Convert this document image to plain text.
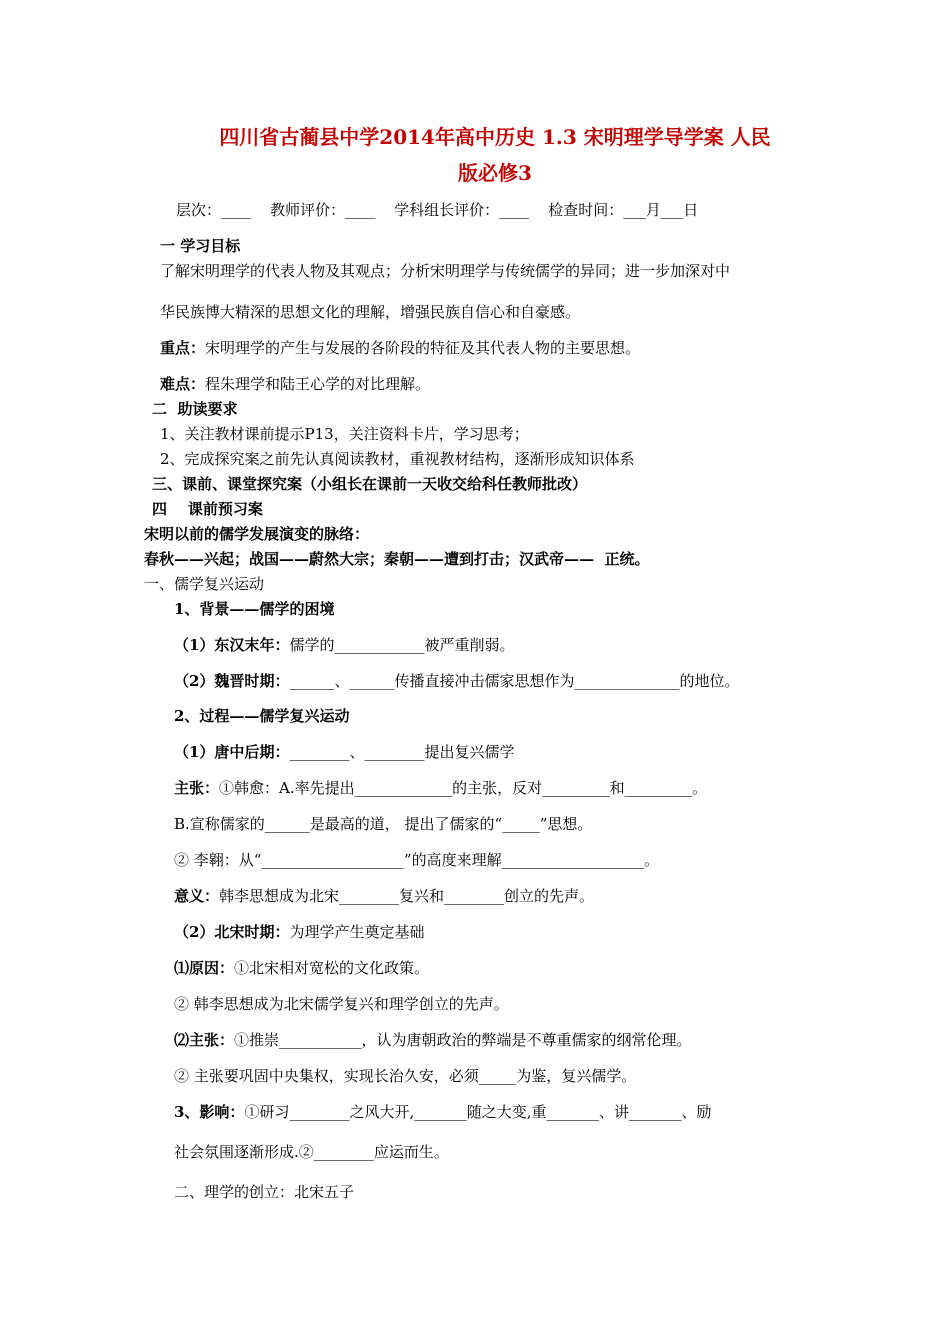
四川省古蔺县中学2014年高中历史 1.3 宋明理学导学案 人民
版必修3
层次：____    教师评价：____    学科组长评价：____    检查时间：___月___日
一 学习目标
了解宋明理学的代表人物及其观点；分析宋明理学与传统儒学的异同；进一步加深对中
华民族博大精深的思想文化的理解，增强民族自信心和自豪感。
重点：宋明理学的产生与发展的各阶段的特征及其代表人物的主要思想。
难点：程朱理学和陆王心学的对比理解。
二  助读要求
1、关注教材课前提示P13，关注资料卡片，学习思考；
2、完成探究案之前先认真阅读教材，重视教材结构，逐渐形成知识体系
三、课前、课堂探究案（小组长在课前一天收交给科任教师批改）
四    课前预习案
宋明以前的儒学发展演变的脉络：
春秋——兴起；战国——蔚然大宗；秦朝——遭到打击；汉武帝——  正统。
一、儒学复兴运动
1、背景——儒学的困境
（1）东汉末年：儒学的____________被严重削弱。
（2）魏晋时期：______、______传播直接冲击儒家思想作为______________的地位。
2、过程——儒学复兴运动
（1）唐中后期：________、________提出复兴儒学
主张：①韩愈：A.率先提出_____________的主张，反对_________和_________。
B.宣称儒家的______是最高的道， 提出了儒家的“_____”思想。
② 李翱：从“___________________”的高度来理解___________________。
意义：韩李思想成为北宋________复兴和________创立的先声。
（2）北宋时期：为理学产生奠定基础
⑴原因：①北宋相对宽松的文化政策。
② 韩李思想成为北宋儒学复兴和理学创立的先声。
⑵主张：①推崇___________，认为唐朝政治的弊端是不尊重儒家的纲常伦理。
② 主张要巩固中央集权，实现长治久安，必须_____为鉴，复兴儒学。
3、影响：①研习________之风大开,_______随之大变,重_______、讲_______、励
社会氛围逐渐形成.②________应运而生。
二、理学的创立：北宋五子
